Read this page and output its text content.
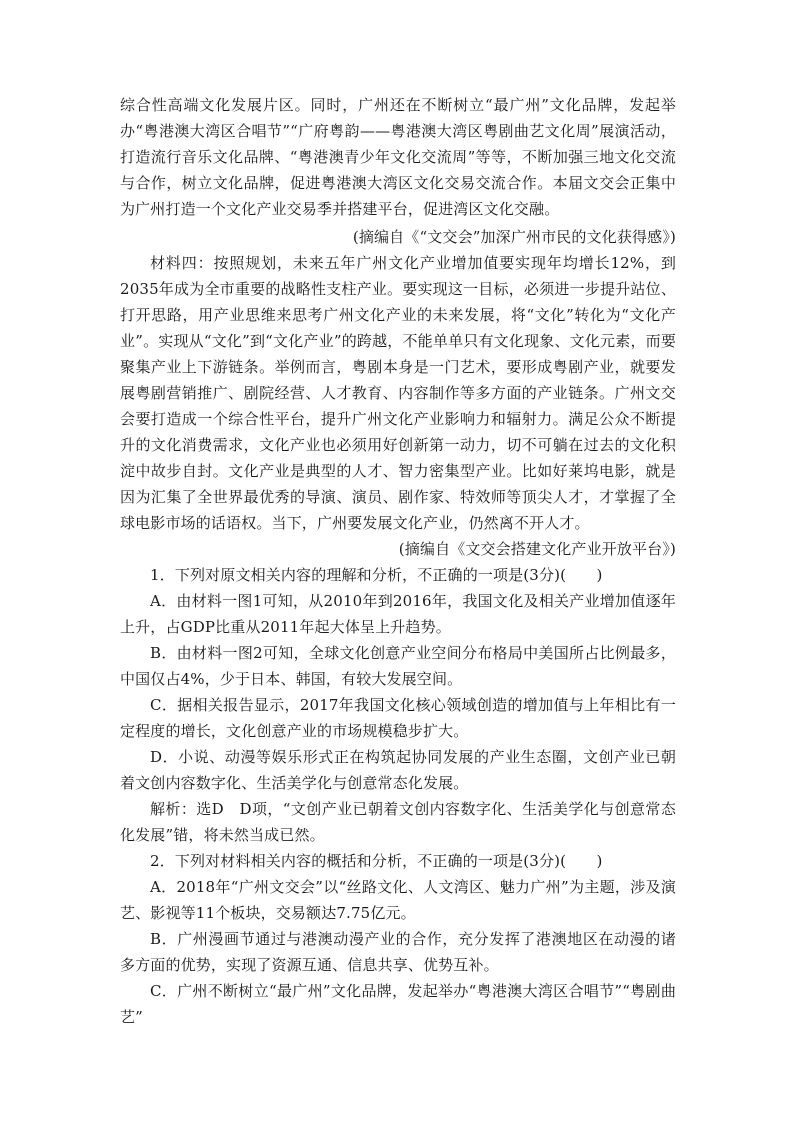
综合性高端文化发展片区。同时，广州还在不断树立“最广州”文化品牌，发起举办“粤港澳大湾区合唱节”“广府粤韵——粤港澳大湾区粤剧曲艺文化周”展演活动，打造流行音乐文化品牌、“粤港澳青少年文化交流周”等等，不断加强三地文化交流与合作，树立文化品牌，促进粤港澳大湾区文化交易交流合作。本届文交会正集中为广州打造一个文化产业交易季并搭建平台，促进湾区文化交融。

(摘编自《“文交会”加深广州市民的文化获得感》)

材料四：按照规划，未来五年广州文化产业增加值要实现年均增长12%，到2035年成为全市重要的战略性支柱产业。要实现这一目标，必须进一步提升站位、打开思路，用产业思维来思考广州文化产业的未来发展，将“文化”转化为“文化产业”。实现从“文化”到“文化产业”的跨越，不能单单只有文化现象、文化元素，而要聚集产业上下游链条。举例而言，粤剧本身是一门艺术，要形成粤剧产业，就要发展粤剧营销推广、剧院经营、人才教育、内容制作等多方面的产业链条。广州文交会要打造成一个综合性平台，提升广州文化产业影响力和辐射力。满足公众不断提升的文化消费需求，文化产业也必须用好创新第一动力，切不可躺在过去的文化积淀中故步自封。文化产业是典型的人才、智力密集型产业。比如好莱坞电影，就是因为汇集了全世界最优秀的导演、演员、剧作家、特效师等顶尖人才，才掌握了全球电影市场的话语权。当下，广州要发展文化产业，仍然离不开人才。

(摘编自《文交会搭建文化产业开放平台》)

1．下列对原文相关内容的理解和分析，不正确的一项是(3分)(　　)

A．由材料一图1可知，从2010年到2016年，我国文化及相关产业增加值逐年上升，占GDP比重从2011年起大体呈上升趋势。

B．由材料一图2可知，全球文化创意产业空间分布格局中美国所占比例最多，中国仅占4%，少于日本、韩国，有较大发展空间。

C．据相关报告显示，2017年我国文化核心领域创造的增加值与上年相比有一定程度的增长，文化创意产业的市场规模稳步扩大。

D．小说、动漫等娱乐形式正在构筑起协同发展的产业生态圈，文创产业已朝着文创内容数字化、生活美学化与创意常态化发展。

解析：选D　D项，“文创产业已朝着文创内容数字化、生活美学化与创意常态化发展”错，将未然当成已然。

2．下列对材料相关内容的概括和分析，不正确的一项是(3分)(　　)

A．2018年“广州文交会”以“丝路文化、人文湾区、魅力广州”为主题，涉及演艺、影视等11个板块，交易额达7.75亿元。

B．广州漫画节通过与港澳动漫产业的合作，充分发挥了港澳地区在动漫的诸多方面的优势，实现了资源互通、信息共享、优势互补。

C．广州不断树立“最广州”文化品牌，发起举办“粤港澳大湾区合唱节”“粤剧曲艺”
